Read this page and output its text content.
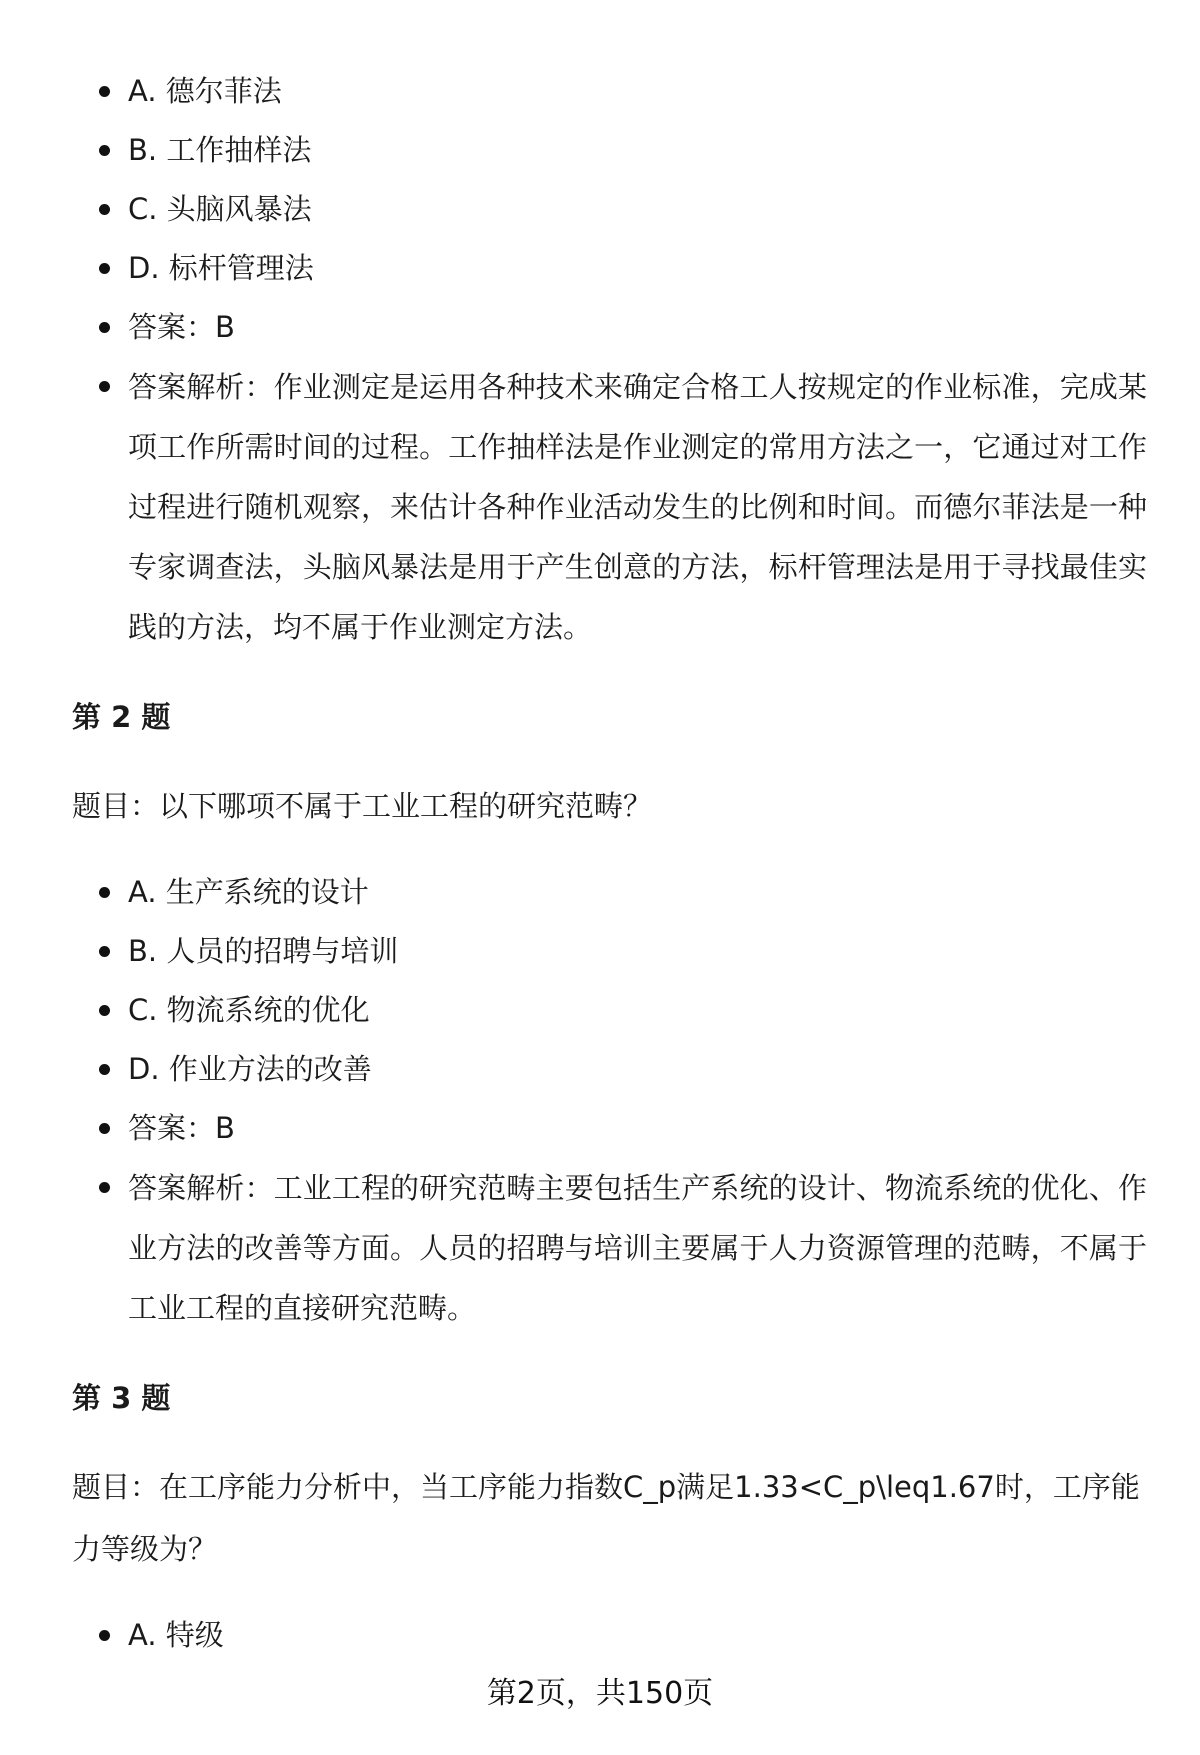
A. 德尔菲法
B. 工作抽样法
C. 头脑风暴法
D. 标杆管理法
答案：B
答案解析：作业测定是运用各种技术来确定合格工人按规定的作业标准，完成某项工作所需时间的过程。工作抽样法是作业测定的常用方法之一，它通过对工作过程进行随机观察，来估计各种作业活动发生的比例和时间。而德尔菲法是一种专家调查法，头脑风暴法是用于产生创意的方法，标杆管理法是用于寻找最佳实践的方法，均不属于作业测定方法。
第 2 题
题目：以下哪项不属于工业工程的研究范畴？
A. 生产系统的设计
B. 人员的招聘与培训
C. 物流系统的优化
D. 作业方法的改善
答案：B
答案解析：工业工程的研究范畴主要包括生产系统的设计、物流系统的优化、作业方法的改善等方面。人员的招聘与培训主要属于人力资源管理的范畴，不属于工业工程的直接研究范畴。
第 3 题
题目：在工序能力分析中，当工序能力指数C_p满足1.33<C_p\leq1.67时，工序能力等级为？
A. 特级
第2页，共150页
